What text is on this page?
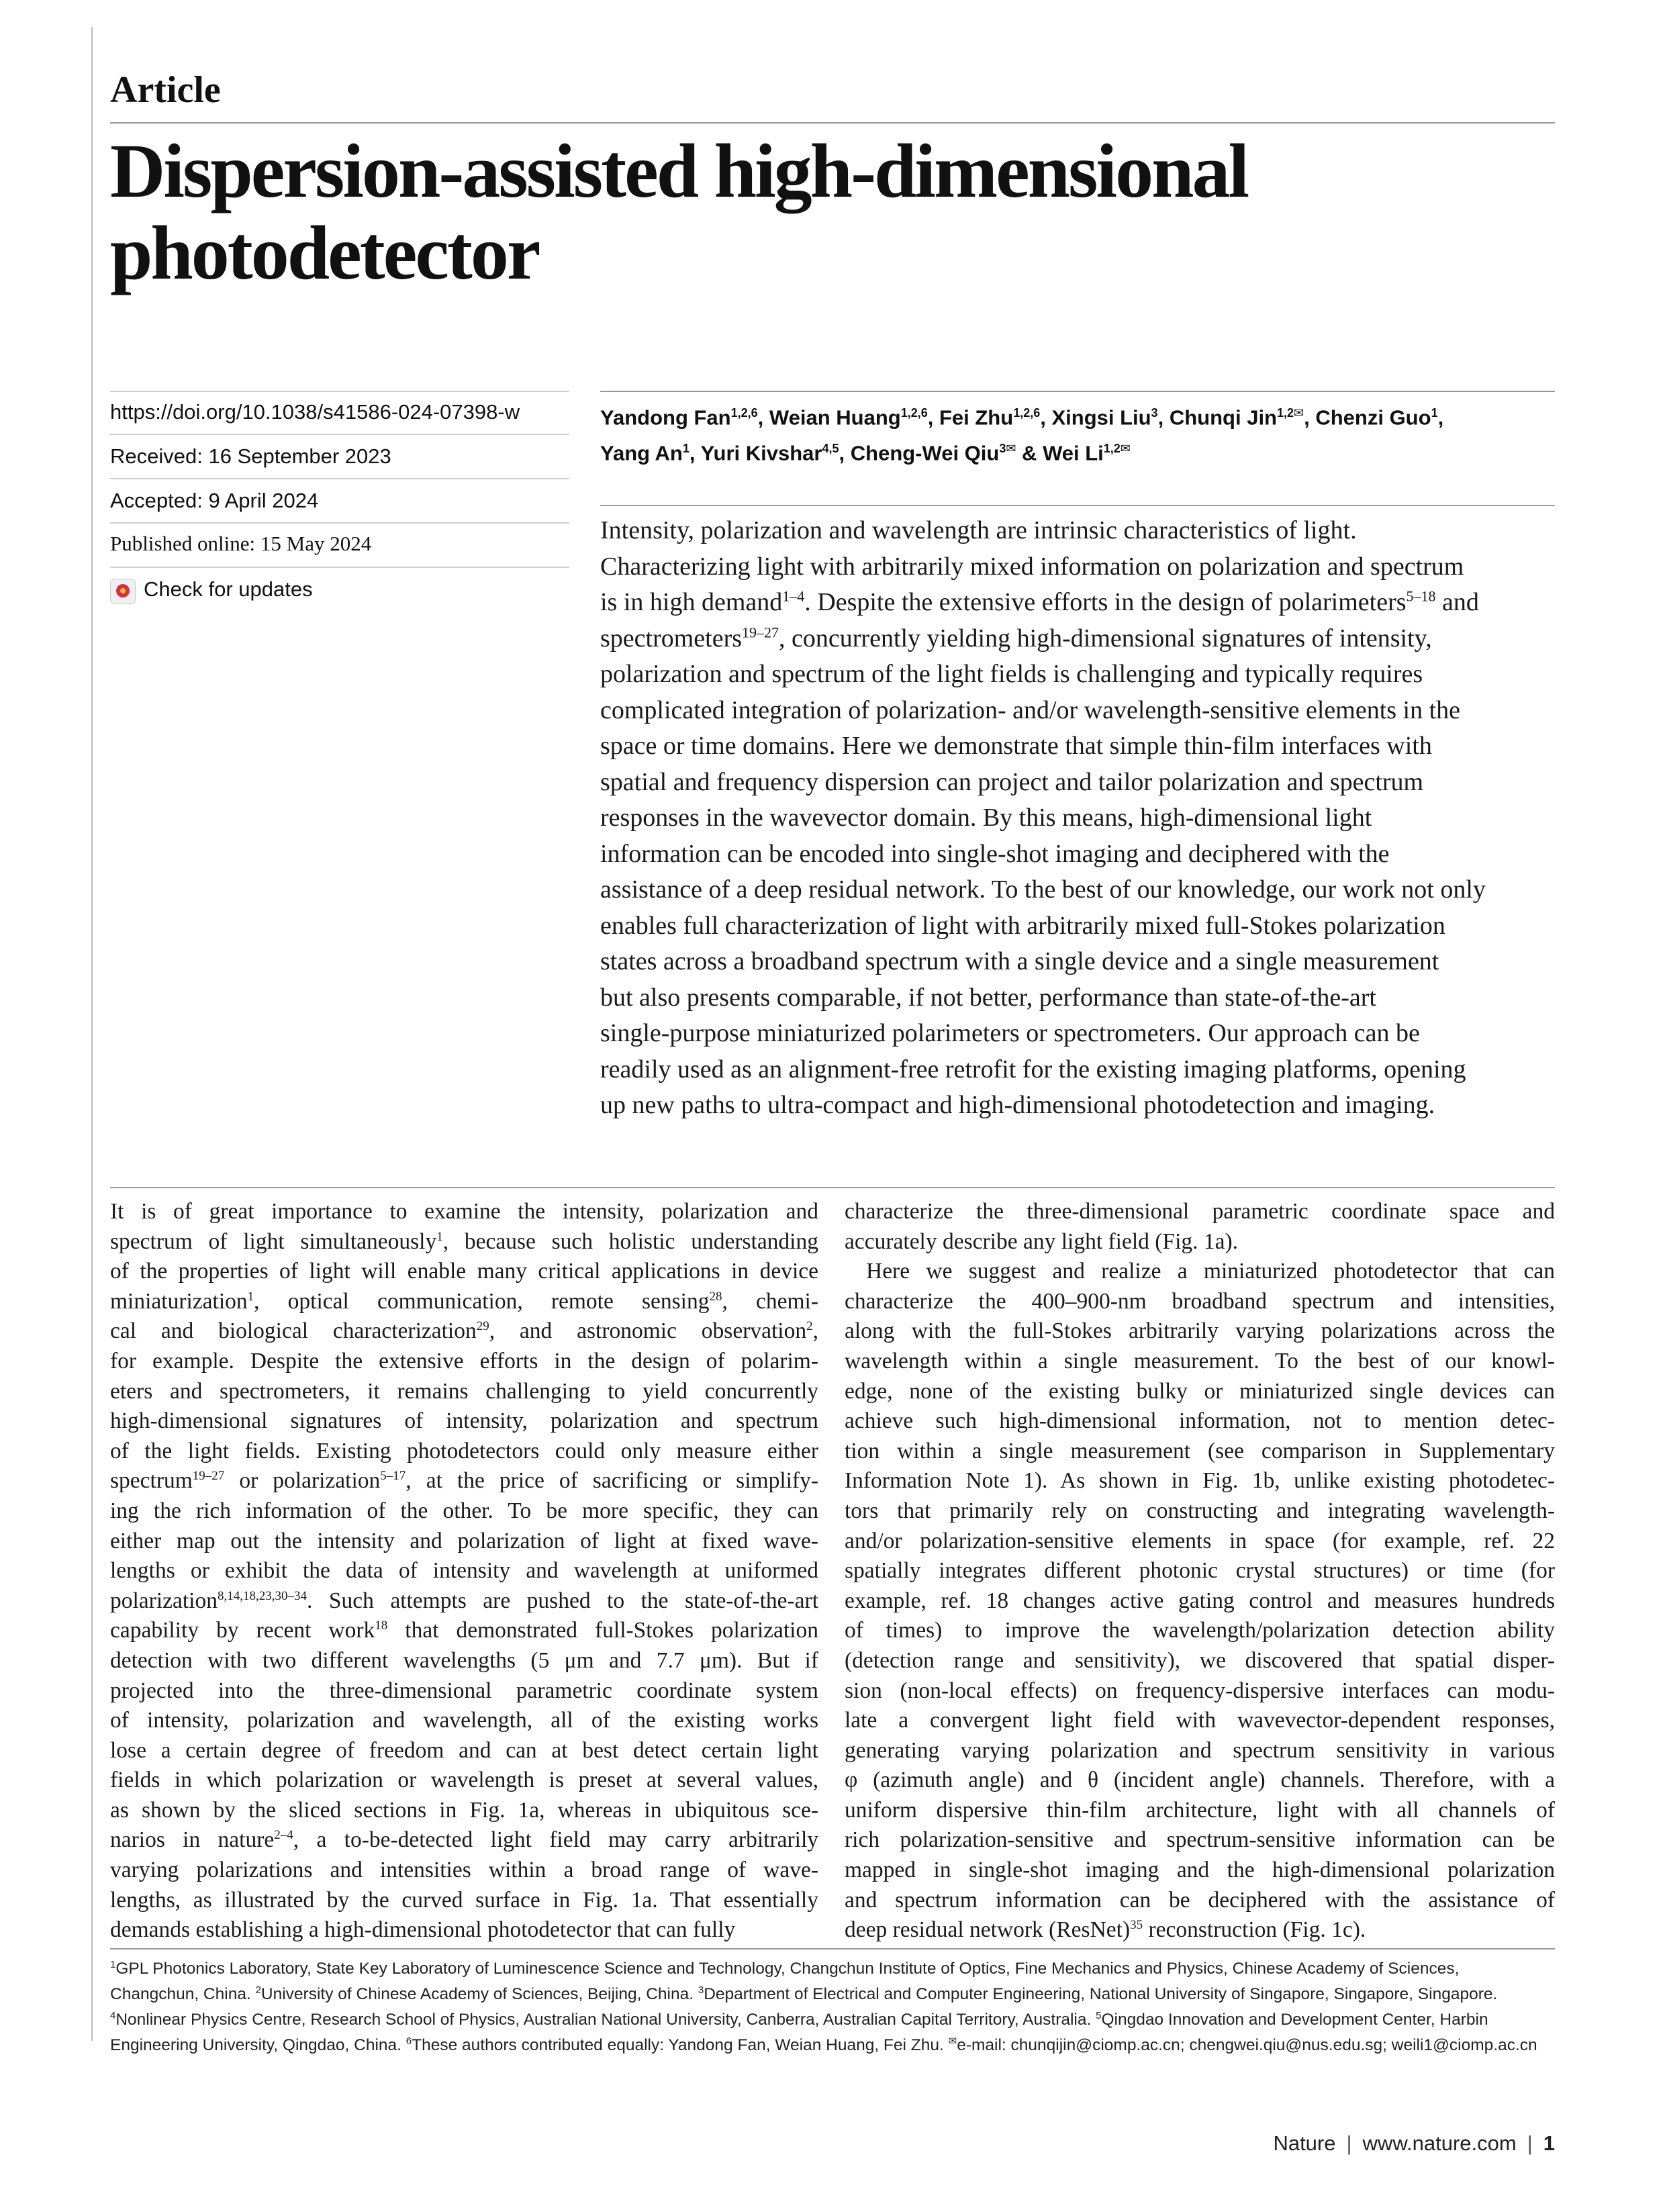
Article
Dispersion-assisted high-dimensional photodetector
https://doi.org/10.1038/s41586-024-07398-w
Received: 16 September 2023
Accepted: 9 April 2024
Published online: 15 May 2024
Check for updates
Yandong Fan$^{1,2,6}$, Weian Huang$^{1,2,6}$, Fei Zhu$^{1,2,6}$, Xingsi Liu$^3$, Chunqi Jin$^{1,2✉}$, Chenzi Guo$^1$,
Yang An$^1$, Yuri Kivshar$^{4,5}$, Cheng-Wei Qiu$^{3✉}$ & Wei $Li^{1,2✉}$
Intensity, polarization and wavelength are intrinsic characteristics of light.
Characterizing light with arbitrarily mixed information on polarization and spectrum
is in high demand$^{1-4}$. Despite the extensive efforts in the design of polarimeters$^{5-18}$ and
spectrometers$^{19-27}$, concurrently yielding high-dimensional signatures of intensity,
polarization and spectrum of the light fields is challenging and typically requires
complicated integration of polarization- and/or wavelength-sensitive elements in the
space or time domains. Here we demonstrate that simple thin-film interfaces with
spatial and frequency dispersion can project and tailor polarization and spectrum
responses in the wavevector domain. By this means, high-dimensional light
information can be encoded into single-shot imaging and deciphered with the
assistance of a deep residual network. To the best of our knowledge, our work not only
enables full characterization of light with arbitrarily mixed full-Stokes polarization
states across a broadband spectrum with a single device and a single measurement
but also presents comparable, if not better, performance than state-of-the-art
single-purpose miniaturized polarimeters or spectrometers. Our approach can be
readily used as an alignment-free retrofit for the existing imaging platforms, opening
up new paths to ultra-compact and high-dimensional photodetection and imaging.
It is of great importance to examine the intensity, polarization and
spectrum of light simultaneously$^1$, because such holistic understanding
of the properties of light will enable many critical applications in device
miniaturization$^1$, optical communication, remote sensing$^{28}$, chemi-
cal and biological characterization$^{29}$, and astronomic observation$^2$,
for example. Despite the extensive efforts in the design of polarim-
eters and spectrometers, it remains challenging to yield concurrently
high-dimensional signatures of intensity, polarization and spectrum
of the light fields. Existing photodetectors could only measure either
spectrum$^{19-27}$ or polarization$^{5-17}$, at the price of sacrificing or simplify-
ing the rich information of the other. To be more specific, they can
either map out the intensity and polarization of light at fixed wave-
lengths or exhibit the data of intensity and wavelength at uniformed
polarization$^{8,14,18,23,30-34}$. Such attempts are pushed to the state-of-the-art
capability by recent work$^{18}$ that demonstrated full-Stokes polarization
detection with two different wavelengths (5 μm and 7.7 μm). But if
projected into the three-dimensional parametric coordinate system
of intensity, polarization and wavelength, all of the existing works
lose a certain degree of freedom and can at best detect certain light
fields in which polarization or wavelength is preset at several values,
as shown by the sliced sections in Fig. 1a, whereas in ubiquitous sce-
narios in nature$^{2-4}$, a to-be-detected light field may carry arbitrarily
varying polarizations and intensities within a broad range of wave-
lengths, as illustrated by the curved surface in Fig. 1a. That essentially
demands establishing a high-dimensional photodetector that can fully
characterize the three-dimensional parametric coordinate space and
accurately describe any light field (Fig. 1a).
Here we suggest and realize a miniaturized photodetector that can
characterize the 400–900-nm broadband spectrum and intensities,
along with the full-Stokes arbitrarily varying polarizations across the
wavelength within a single measurement. To the best of our knowl-
edge, none of the existing bulky or miniaturized single devices can
achieve such high-dimensional information, not to mention detec-
tion within a single measurement (see comparison in Supplementary
Information Note 1). As shown in Fig. 1b, unlike existing photodetec-
tors that primarily rely on constructing and integrating wavelength-
and/or polarization-sensitive elements in space (for example, ref. 22
spatially integrates different photonic crystal structures) or time (for
example, ref. 18 changes active gating control and measures hundreds
of times) to improve the wavelength/polarization detection ability
(detection range and sensitivity), we discovered that spatial disper-
sion (non-local effects) on frequency-dispersive interfaces can modu-
late a convergent light field with wavevector-dependent responses,
generating varying polarization and spectrum sensitivity in various
φ (azimuth angle) and θ (incident angle) channels. Therefore, with a
uniform dispersive thin-film architecture, light with all channels of
rich polarization-sensitive and spectrum-sensitive information can be
mapped in single-shot imaging and the high-dimensional polarization
and spectrum information can be deciphered with the assistance of
deep residual network (ResNet)$^{35}$ reconstruction (Fig. 1c).
$^1$GPL Photonics Laboratory, State Key Laboratory of Luminescence Science and Technology, Changchun Institute of Optics, Fine Mechanics and Physics, Chinese Academy of Sciences,
Changchun, China. $^2$University of Chinese Academy of Sciences, Beijing, China. $^3$Department of Electrical and Computer Engineering, National University of Singapore, Singapore, Singapore.
$^4$Nonlinear Physics Centre, Research School of Physics, Australian National University, Canberra, Australian Capital Territory, Australia. $^5$Qingdao Innovation and Development Center, Harbin
Engineering University, Qingdao, China. $^6$These authors contributed equally: Yandong Fan, Weian Huang, Fei Zhu. ✉e-mail: chunqijin@ciomp.ac.cn; chengwei.qiu@nus.edu.sg; weili1@ciomp.ac.cn
Nature | www.nature.com | 1
